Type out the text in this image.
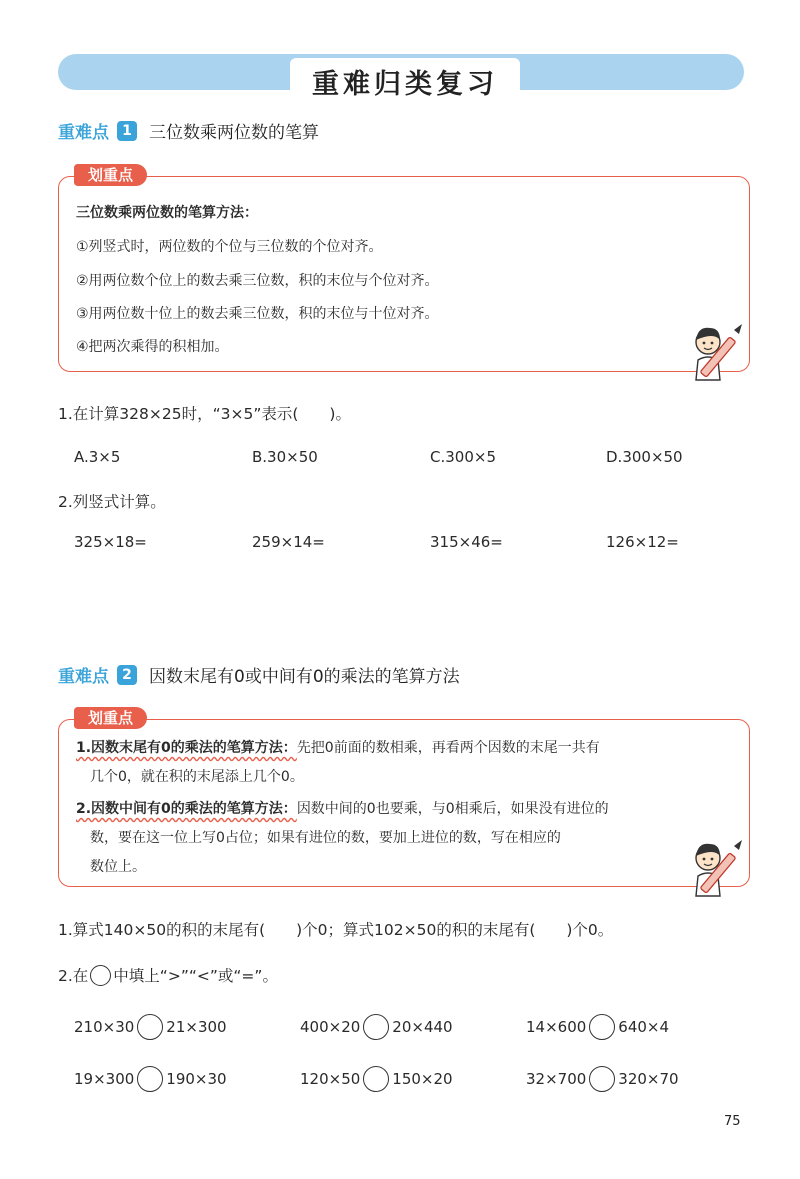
重难归类复习
重难点 1	三位数乘两位数的笔算
划重点
三位数乘两位数的笔算方法：
①列竖式时，两位数的个位与三位数的个位对齐。
②用两位数个位上的数去乘三位数，积的末位与个位对齐。
③用两位数十位上的数去乘三位数，积的末位与十位对齐。
④把两次乘得的积相加。
1.在计算328×25时，“3×5”表示(　　)。
A.3×5	B.30×50	C.300×5	D.300×50
2.列竖式计算。
325×18=	259×14=	315×46=	126×12=
重难点 2	因数末尾有0或中间有0的乘法的笔算方法
划重点
1.因数末尾有0的乘法的笔算方法：先把0前面的数相乘，再看两个因数的末尾一共有
几个0，就在积的末尾添上几个0。
2.因数中间有0的乘法的笔算方法：因数中间的0也要乘，与0相乘后，如果没有进位的
数，要在这一位上写0占位；如果有进位的数，要加上进位的数，写在相应的
数位上。
1.算式140×50的积的末尾有(　　)个0；算式102×50的积的末尾有(　　)个0。
2.在 中填上“>”“<”或“=”。
210×30 21×300	400×20 20×440	14×600 640×4
19×300 190×30	120×50 150×20	32×700 320×70
75
